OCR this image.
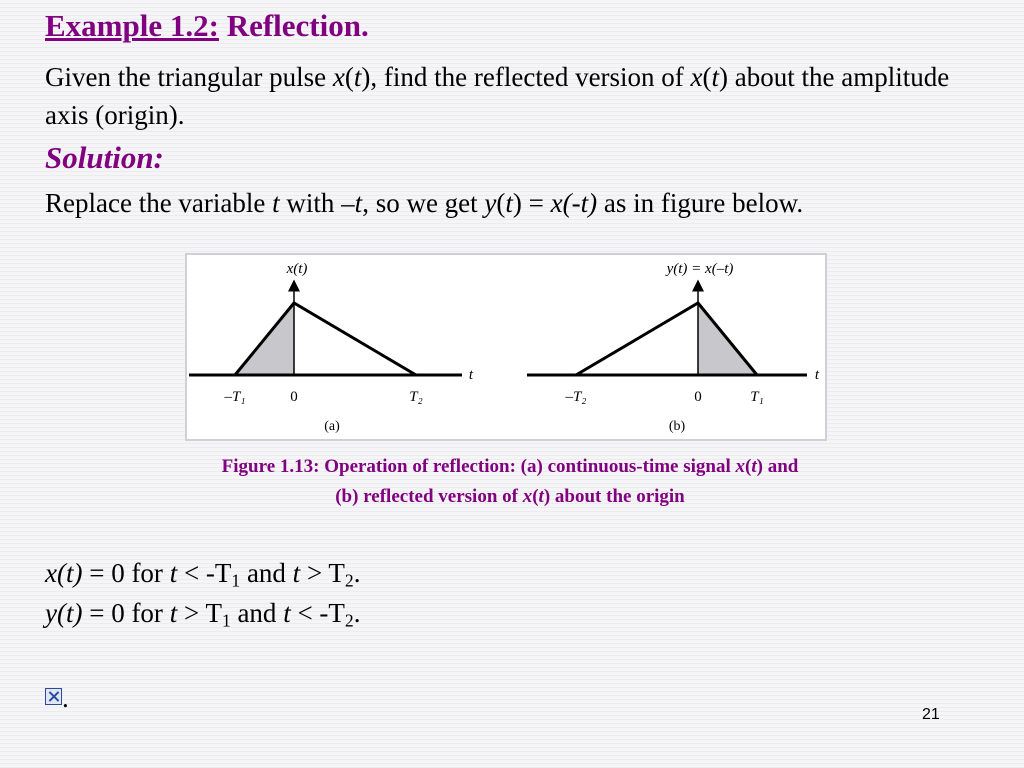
Example 1.2: Reflection.
Given the triangular pulse x(t), find the reflected version of x(t) about the amplitude axis (origin).
Solution:
Replace the variable t with –t, so we get y(t) = x(-t) as in figure below.
x(t)
t
–T₁	0	T₂
(a)
y(t) = x(–t)
t
–T₂	0	T₁
(b)
Figure 1.13: Operation of reflection: (a) continuous-time signal x(t) and
(b) reflected version of x(t) about the origin
x(t) = 0 for $t < -T_1$ and $t > T_2$.
y(t) = 0 for $t > T_1$ and $t < -T_2$.
.
21
